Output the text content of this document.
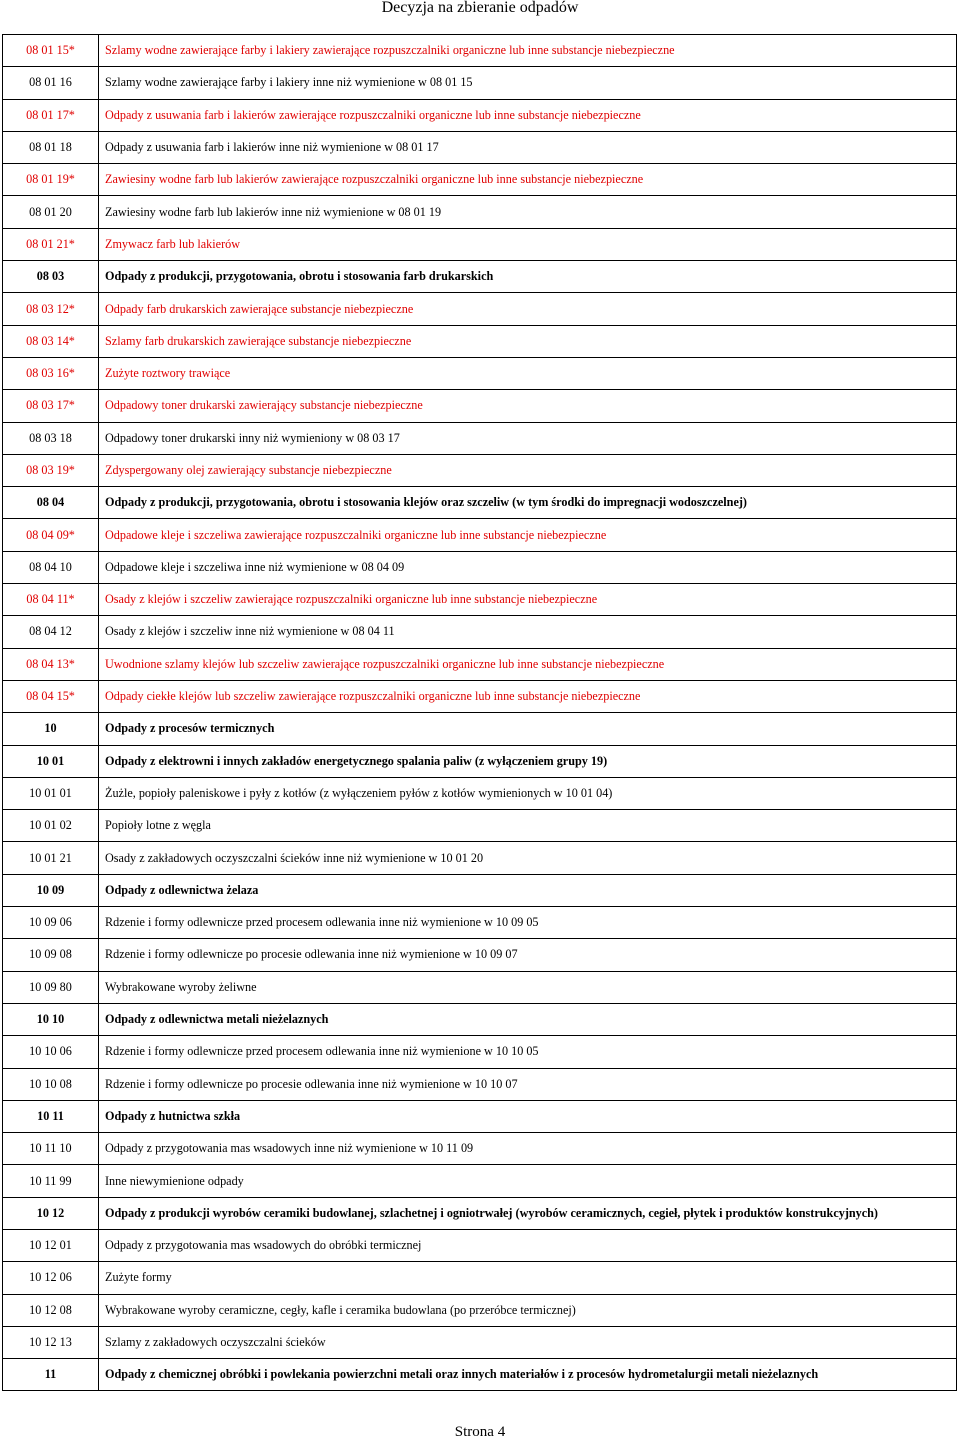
Decyzja na zbieranie odpadów
08 01 15*	Szlamy wodne zawierające farby i lakiery zawierające rozpuszczalniki organiczne lub inne substancje niebezpieczne
08 01 16	Szlamy wodne zawierające farby i lakiery inne niż wymienione w 08 01 15
08 01 17*	Odpady z usuwania farb i lakierów zawierające rozpuszczalniki organiczne lub inne substancje niebezpieczne
08 01 18	Odpady z usuwania farb i lakierów inne niż wymienione w 08 01 17
08 01 19*	Zawiesiny wodne farb lub lakierów zawierające rozpuszczalniki organiczne lub inne substancje niebezpieczne
08 01 20	Zawiesiny wodne farb lub lakierów inne niż wymienione w 08 01 19
08 01 21*	Zmywacz farb lub lakierów
08 03	Odpady z produkcji, przygotowania, obrotu i stosowania farb drukarskich
08 03 12*	Odpady farb drukarskich zawierające substancje niebezpieczne
08 03 14*	Szlamy farb drukarskich zawierające substancje niebezpieczne
08 03 16*	Zużyte roztwory trawiące
08 03 17*	Odpadowy toner drukarski zawierający substancje niebezpieczne
08 03 18	Odpadowy toner drukarski inny niż wymieniony w 08 03 17
08 03 19*	Zdyspergowany olej zawierający substancje niebezpieczne
08 04	Odpady z produkcji, przygotowania, obrotu i stosowania klejów oraz szczeliw (w tym środki do impregnacji wodoszczelnej)
08 04 09*	Odpadowe kleje i szczeliwa zawierające rozpuszczalniki organiczne lub inne substancje niebezpieczne
08 04 10	Odpadowe kleje i szczeliwa inne niż wymienione w 08 04 09
08 04 11*	Osady z klejów i szczeliw zawierające rozpuszczalniki organiczne lub inne substancje niebezpieczne
08 04 12	Osady z klejów i szczeliw inne niż wymienione w 08 04 11
08 04 13*	Uwodnione szlamy klejów lub szczeliw zawierające rozpuszczalniki organiczne lub inne substancje niebezpieczne
08 04 15*	Odpady ciekłe klejów lub szczeliw zawierające rozpuszczalniki organiczne lub inne substancje niebezpieczne
10	Odpady z procesów termicznych
10 01	Odpady z elektrowni i innych zakładów energetycznego spalania paliw (z wyłączeniem grupy 19)
10 01 01	Żużle, popioły paleniskowe i pyły z kotłów (z wyłączeniem pyłów z kotłów wymienionych w 10 01 04)
10 01 02	Popioły lotne z węgla
10 01 21	Osady z zakładowych oczyszczalni ścieków inne niż wymienione w 10 01 20
10 09	Odpady z odlewnictwa żelaza
10 09 06	Rdzenie i formy odlewnicze przed procesem odlewania inne niż wymienione w 10 09 05
10 09 08	Rdzenie i formy odlewnicze po procesie odlewania inne niż wymienione w 10 09 07
10 09 80	Wybrakowane wyroby żeliwne
10 10	Odpady z odlewnictwa metali nieżelaznych
10 10 06	Rdzenie i formy odlewnicze przed procesem odlewania inne niż wymienione w 10 10 05
10 10 08	Rdzenie i formy odlewnicze po procesie odlewania inne niż wymienione w 10 10 07
10 11	Odpady z hutnictwa szkła
10 11 10	Odpady z przygotowania mas wsadowych inne niż wymienione w 10 11 09
10 11 99	Inne niewymienione odpady
10 12	Odpady z produkcji wyrobów ceramiki budowlanej, szlachetnej i ogniotrwałej (wyrobów ceramicznych, cegieł, płytek i produktów konstrukcyjnych)
10 12 01	Odpady z przygotowania mas wsadowych do obróbki termicznej
10 12 06	Zużyte formy
10 12 08	Wybrakowane wyroby ceramiczne, cegły, kafle i ceramika budowlana (po przeróbce termicznej)
10 12 13	Szlamy z zakładowych oczyszczalni ścieków
11	Odpady z chemicznej obróbki i powlekania powierzchni metali oraz innych materiałów i z procesów hydrometalurgii metali nieżelaznych
Strona 4
